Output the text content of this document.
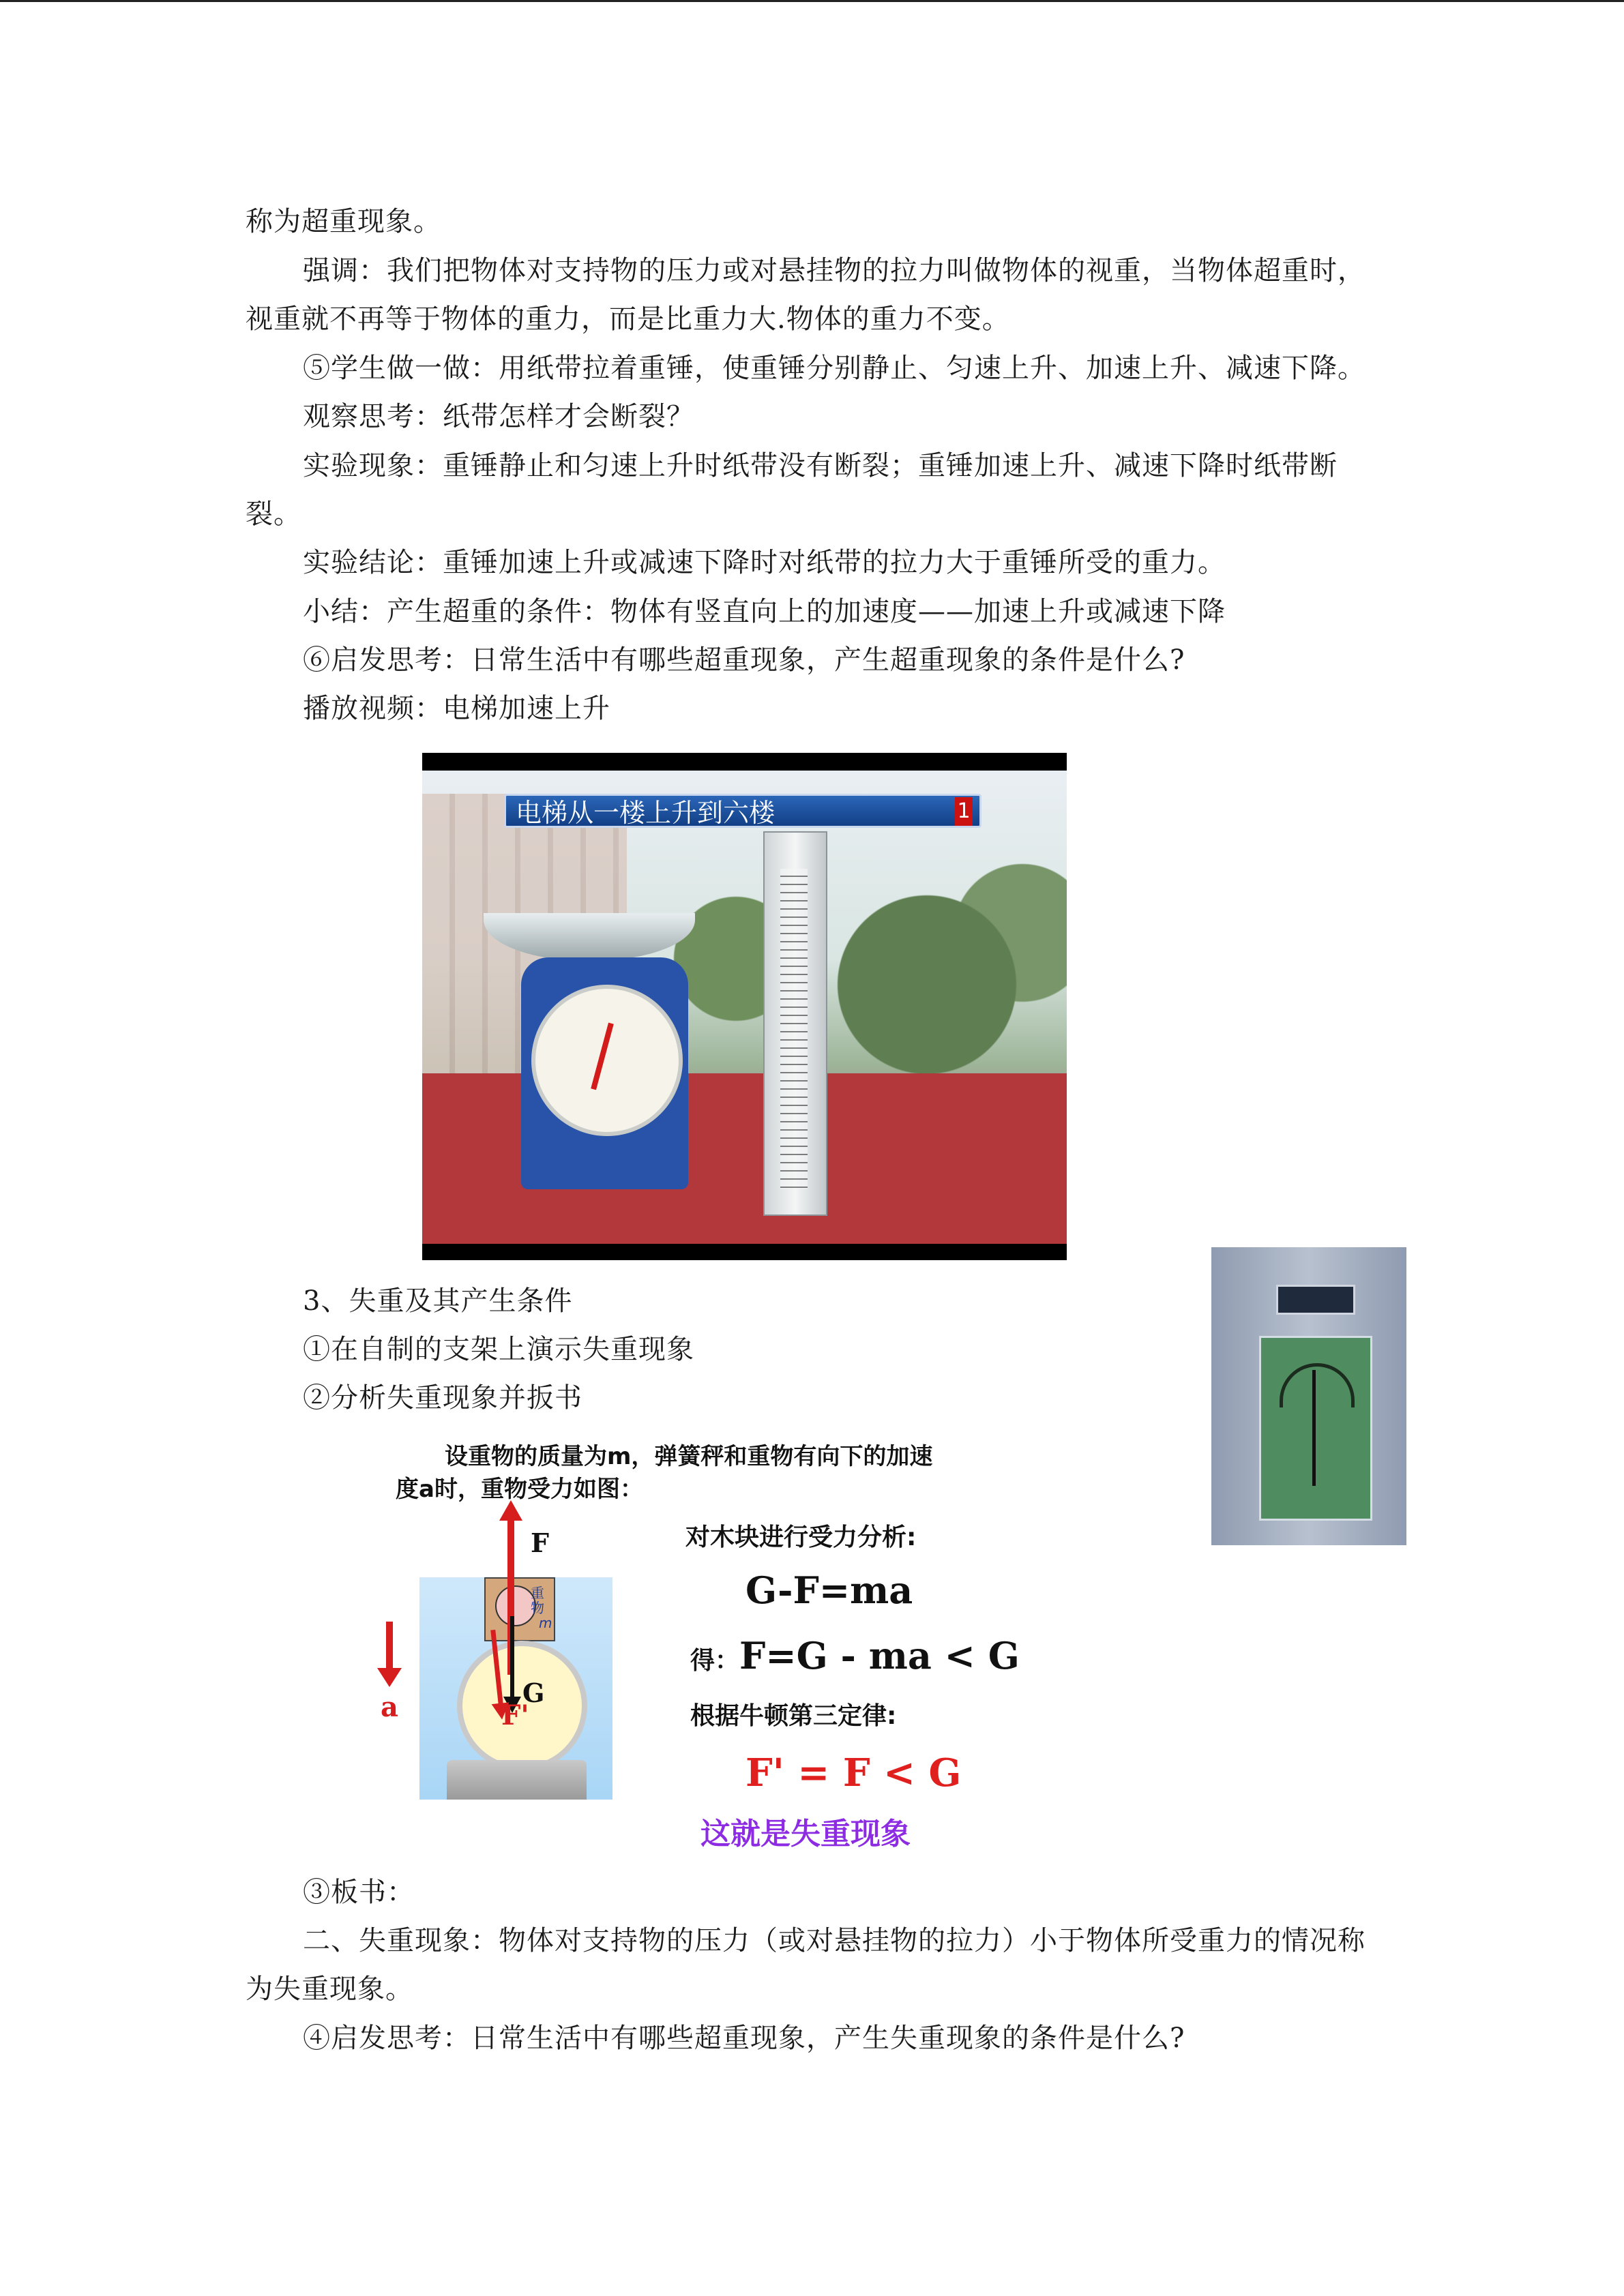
称为超重现象。
强调：我们把物体对支持物的压力或对悬挂物的拉力叫做物体的视重，当物体超重时，视重就不再等于物体的重力，而是比重力大.物体的重力不变。
⑤学生做一做：用纸带拉着重锤，使重锤分别静止、匀速上升、加速上升、减速下降。
观察思考：纸带怎样才会断裂？
实验现象：重锤静止和匀速上升时纸带没有断裂；重锤加速上升、减速下降时纸带断裂。
实验结论：重锤加速上升或减速下降时对纸带的拉力大于重锤所受的重力。
小结：产生超重的条件：物体有竖直向上的加速度——加速上升或减速下降
⑥启发思考：日常生活中有哪些超重现象，产生超重现象的条件是什么?
播放视频：电梯加速上升
电梯从一楼上升到六楼	1
3、失重及其产生条件
①在自制的支架上演示失重现象
②分析失重现象并扳书
设重物的质量为m，弹簧秤和重物有向下的加速
度a时，重物受力如图：
重物
m
F
G
F'
a
对木块进行受力分析:
G-F=ma
得：F=G - ma < G
根据牛顿第三定律:
F' = F < G
这就是失重现象
③板书：
二、失重现象：物体对支持物的压力（或对悬挂物的拉力）小于物体所受重力的情况称为失重现象。
④启发思考：日常生活中有哪些超重现象，产生失重现象的条件是什么?
